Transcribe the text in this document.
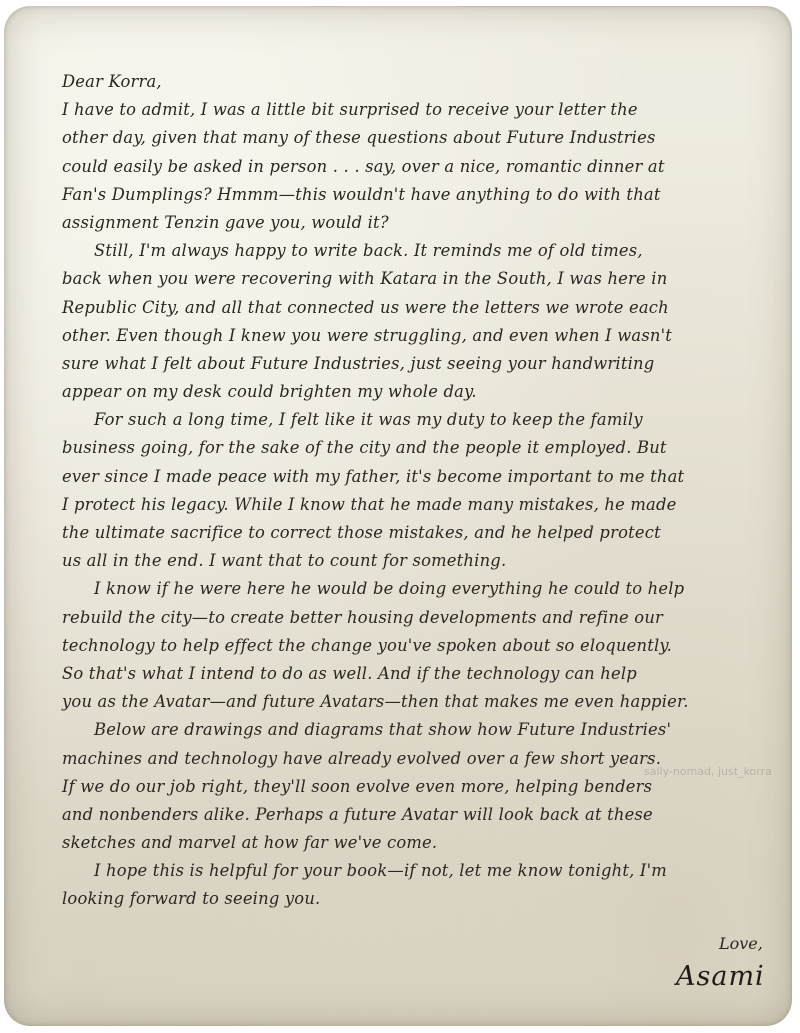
Dear Korra,
I have to admit, I was a little bit surprised to receive your letter the
other day, given that many of these questions about Future Industries
could easily be asked in person . . . say, over a nice, romantic dinner at
Fan's Dumplings? Hmmm—this wouldn't have anything to do with that
assignment Tenzin gave you, would it?
Still, I'm always happy to write back. It reminds me of old times,
back when you were recovering with Katara in the South, I was here in
Republic City, and all that connected us were the letters we wrote each
other. Even though I knew you were struggling, and even when I wasn't
sure what I felt about Future Industries, just seeing your handwriting
appear on my desk could brighten my whole day.
For such a long time, I felt like it was my duty to keep the family
business going, for the sake of the city and the people it employed. But
ever since I made peace with my father, it's become important to me that
I protect his legacy. While I know that he made many mistakes, he made
the ultimate sacrifice to correct those mistakes, and he helped protect
us all in the end. I want that to count for something.
I know if he were here he would be doing everything he could to help
rebuild the city—to create better housing developments and refine our
technology to help effect the change you've spoken about so eloquently.
So that's what I intend to do as well. And if the technology can help
you as the Avatar—and future Avatars—then that makes me even happier.
Below are drawings and diagrams that show how Future Industries'
machines and technology have already evolved over a few short years.
If we do our job right, they'll soon evolve even more, helping benders
and nonbenders alike. Perhaps a future Avatar will look back at these
sketches and marvel at how far we've come.
I hope this is helpful for your book—if not, let me know tonight, I'm
looking forward to seeing you.
sally-nomad, just_korra
Love,
Asami
